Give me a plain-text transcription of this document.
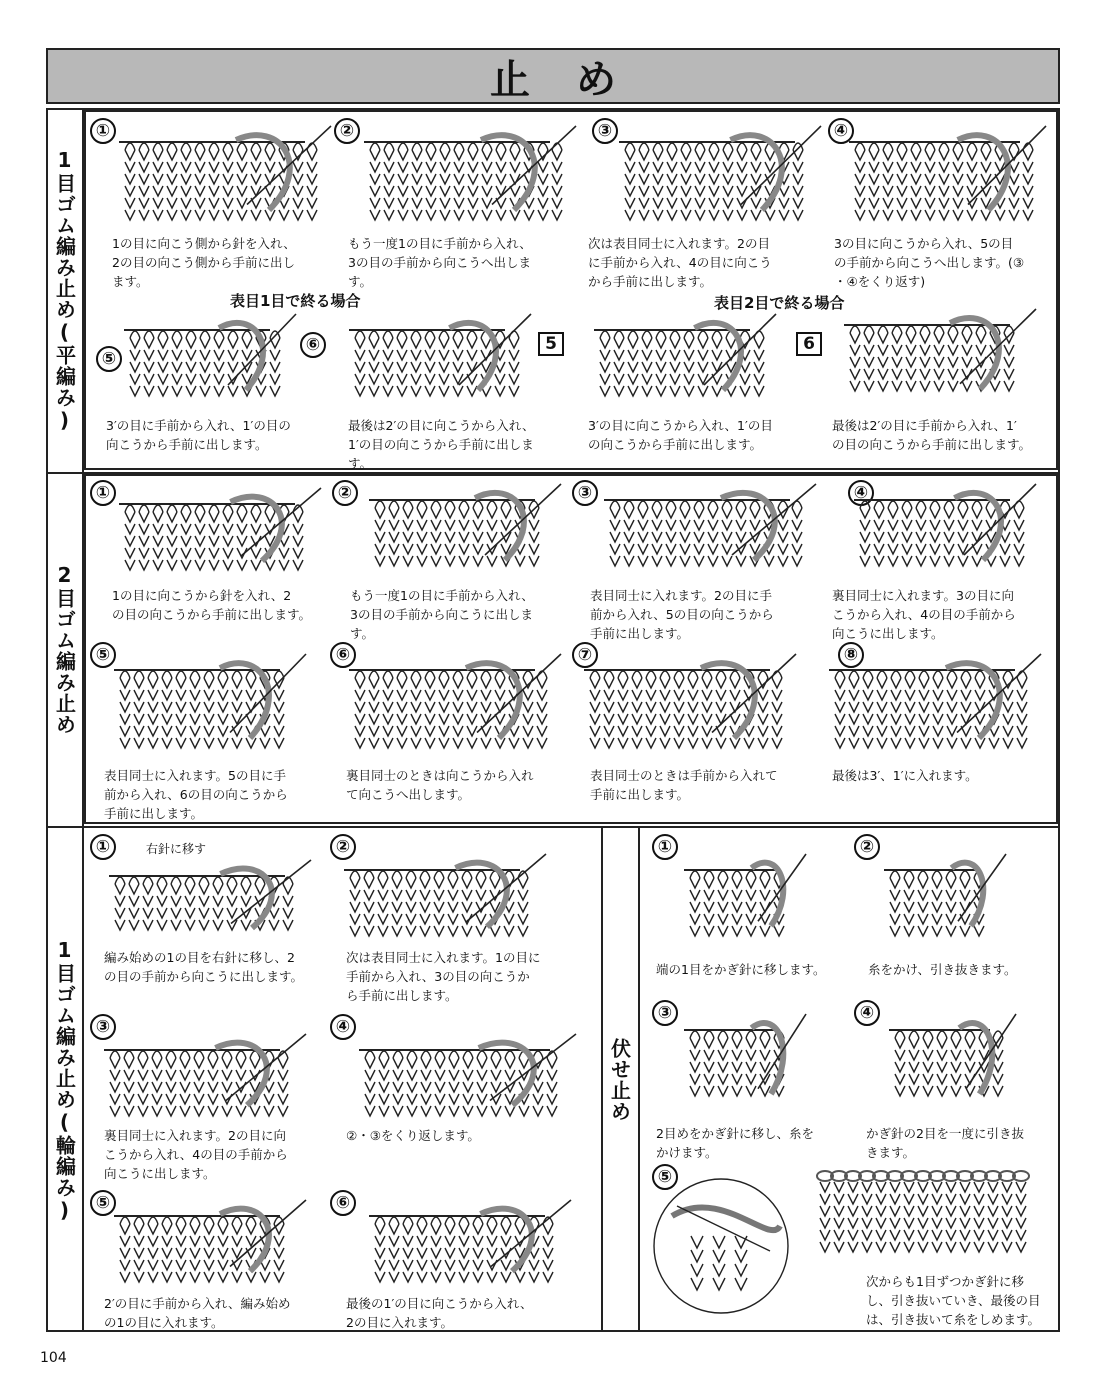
止め
1目ゴム編み止め(平編み)
2目ゴム編み止め
1目ゴム編み止め(輪編み)	伏せ止め
①
1の目に向こう側から針を入れ、
2の目の向こう側から手前に出し
ます。
②
もう一度1の目に手前から入れ、
3の目の手前から向こうへ出しま
す。
③
次は表目同士に入れます。2の目
に手前から入れ、4の目に向こう
から手前に出します。
④
3の目に向こうから入れ、5の目
の手前から向こうへ出します。(③
・④をくり返す)
表目1目で終る場合	表目2目で終る場合
⑤
3′の目に手前から入れ、1′の目の
向こうから手前に出します。
⑥
最後は2′の目に向こうから入れ、
1′の目の向こうから手前に出しま
す。
5
3′の目に向こうから入れ、1′の目
の向こうから手前に出します。
6
最後は2′の目に手前から入れ、1′
の目の向こうから手前に出します。
①
1の目に向こうから針を入れ、2
の目の向こうから手前に出します。
②
もう一度1の目に手前から入れ、
3の目の手前から向こうに出しま
す。
③
表目同士に入れます。2の目に手
前から入れ、5の目の向こうから
手前に出します。
④
裏目同士に入れます。3の目に向
こうから入れ、4の目の手前から
向こうに出します。
⑤
表目同士に入れます。5の目に手
前から入れ、6の目の向こうから
手前に出します。
⑥
裏目同士のときは向こうから入れ
て向こうへ出します。
⑦
表目同士のときは手前から入れて
手前に出します。
⑧
最後は3′、1′に入れます。
①	右針に移す
編み始めの1の目を右針に移し、2
の目の手前から向こうに出します。
②
次は表目同士に入れます。1の目に
手前から入れ、3の目の向こうか
ら手前に出します。
③
裏目同士に入れます。2の目に向
こうから入れ、4の目の手前から
向こうに出します。
④
②・③をくり返します。
⑤
2′の目に手前から入れ、編み始め
の1の目に入れます。
⑥
最後の1′の目に向こうから入れ、
2の目に入れます。
①
端の1目をかぎ針に移します。
②
糸をかけ、引き抜きます。
③
2目めをかぎ針に移し、糸を
かけます。
④
かぎ針の2目を一度に引き抜
きます。
⑤
次からも1目ずつかぎ針に移
し、引き抜いていき、最後の目
は、引き抜いて糸をしめます。
104
